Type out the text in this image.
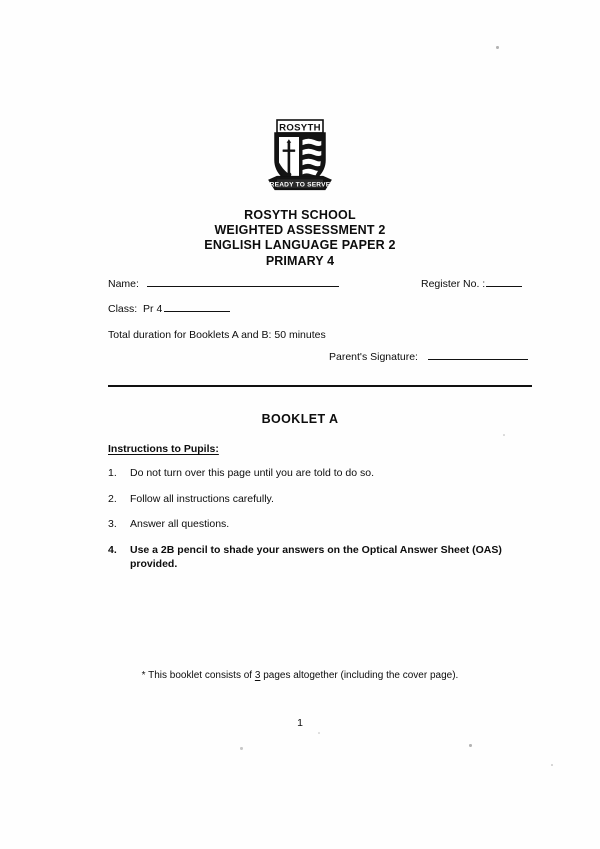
ROSYTH
READY TO SERVE
ROSYTH SCHOOL
WEIGHTED ASSESSMENT 2
ENGLISH LANGUAGE PAPER 2
PRIMARY 4
Name:	Register No. :
Class: Pr 4
Total duration for Booklets A and B: 50 minutes
Parent's Signature:
BOOKLET A
Instructions to Pupils:
1. Do not turn over this page until you are told to do so.
2. Follow all instructions carefully.
3. Answer all questions.
4. Use a 2B pencil to shade your answers on the Optical Answer Sheet (OAS)
provided.
* This booklet consists of 3 pages altogether (including the cover page).
1
